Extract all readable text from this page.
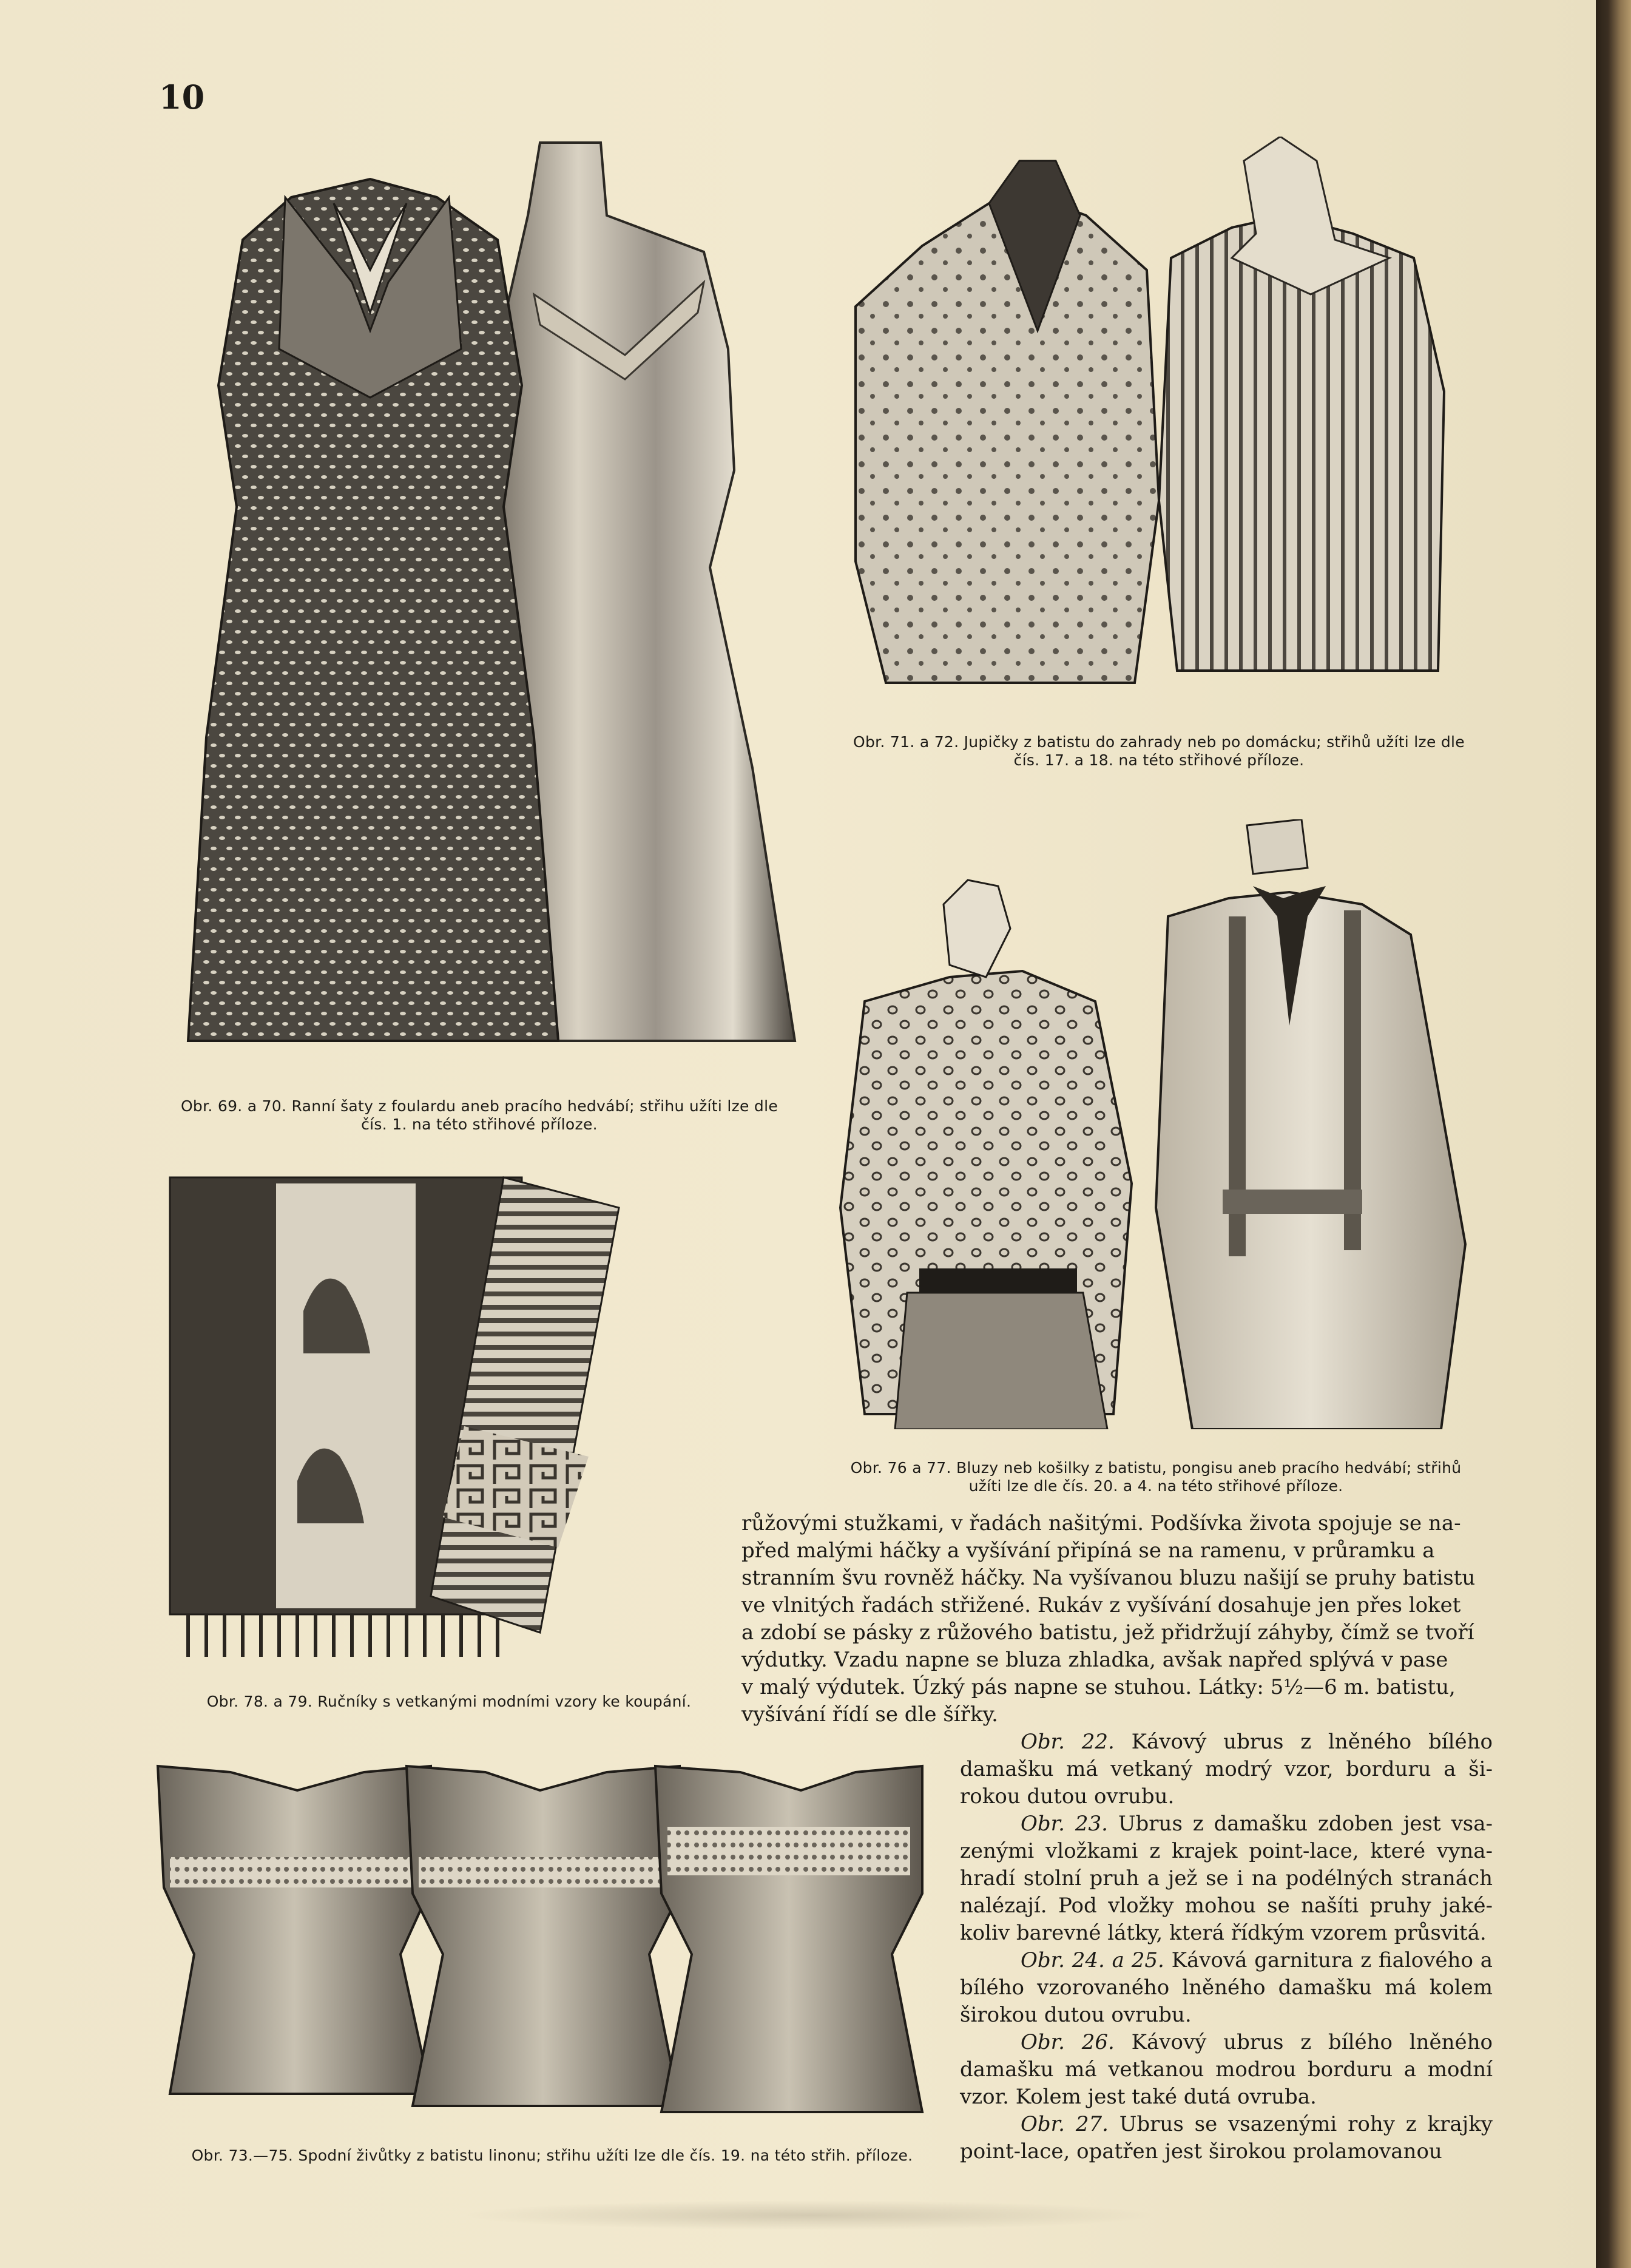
10
Obr. 69. a 70. Ranní šaty z foulardu aneb pracího hedvábí; střihu užíti lze dle
čís. 1. na této střihové příloze.
Obr. 71. a 72. Jupičky z batistu do zahrady neb po domácku; střihů užíti lze dle
čís. 17. a 18. na této střihové příloze.
Obr. 76 a 77. Bluzy neb košilky z batistu, pongisu aneb pracího hedvábí; střihů
užíti lze dle čís. 20. a 4. na této střihové příloze.
Obr. 78. a 79. Ručníky s vetkanými modními vzory ke koupání.
Obr. 73.—75. Spodní živůtky z batistu linonu; střihu užíti lze dle čís. 19. na této střih. příloze.

růžovými stužkami, v řadách našitými. Podšívka života spojuje se na-

před malými háčky a vyšívání připíná se na ramenu, v průramku a

stranním švu rovněž háčky. Na vyšívanou bluzu našijí se pruhy batistu

ve vlnitých řadách střižené. Rukáv z vyšívání dosahuje jen přes loket

a zdobí se pásky z růžového batistu, jež přidržují záhyby, čímž se tvoří

výdutky. Vzadu napne se bluza zhladka, avšak napřed splývá v pase

v malý výdutek. Úzký pás napne se stuhou. Látky: 5½—6 m. batistu,

vyšívání řídí se dle šířky.

Obr. 22. Kávový ubrus z lněného bílého damašku má vetkaný modrý vzor, borduru a ši-rokou dutou ovrubu.

Obr. 23. Ubrus z damašku zdoben jest vsa-zenými vložkami z krajek point-lace, které vyna-hradí stolní pruh a jež se i na podélných stranách nalézají. Pod vložky mohou se našíti pruhy jaké-koliv barevné látky, která řídkým vzorem průsvitá.

Obr. 24. a 25. Kávová garnitura z fialového a bílého vzorovaného lněného damašku má kolem širokou dutou ovrubu.

Obr. 26. Kávový ubrus z bílého lněného damašku má vetkanou modrou borduru a modní vzor. Kolem jest také dutá ovruba.

Obr. 27. Ubrus se vsazenými rohy z krajky point-lace, opatřen jest širokou prolamovanou
